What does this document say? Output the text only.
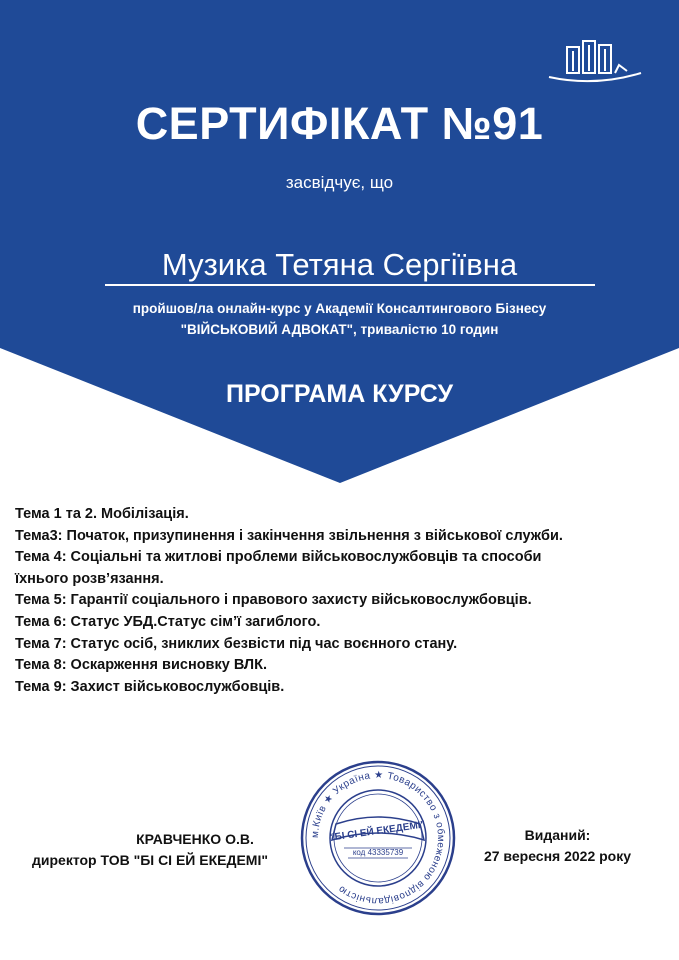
СЕРТИФІКАТ №91
засвідчує, що
Музика Тетяна Сергіївна
пройшов/ла онлайн-курс у Академії Консалтингового Бізнесу
"ВІЙСЬКОВИЙ АДВОКАТ", тривалістю 10 годин
ПРОГРАМА КУРСУ
Тема 1 та 2. Мобілізація.
Тема3: Початок, призупинення і закінчення звільнення з військової служби.
Тема 4: Соціальні та житлові проблеми військовослужбовців та способи
їхнього розв’язання.
Тема 5: Гарантії соціального і правового захисту військовослужбовців.
Тема 6: Статус УБД.Статус сім’ї загиблого.
Тема 7: Статус осіб, зниклих безвісти під час воєнного стану.
Тема 8: Оскарження висновку ВЛК.
Тема 9: Захист військовослужбовців.
КРАВЧЕНКО О.В.
директор ТОВ "БІ СІ ЕЙ ЕКЕДЕМІ"
Виданий:
27 вересня 2022 року
м.Київ ★ Україна ★ Товариство з обмеженою відповідальністю
"БІ СІ ЕЙ ЕКЕДЕМІ"
код 43335739
